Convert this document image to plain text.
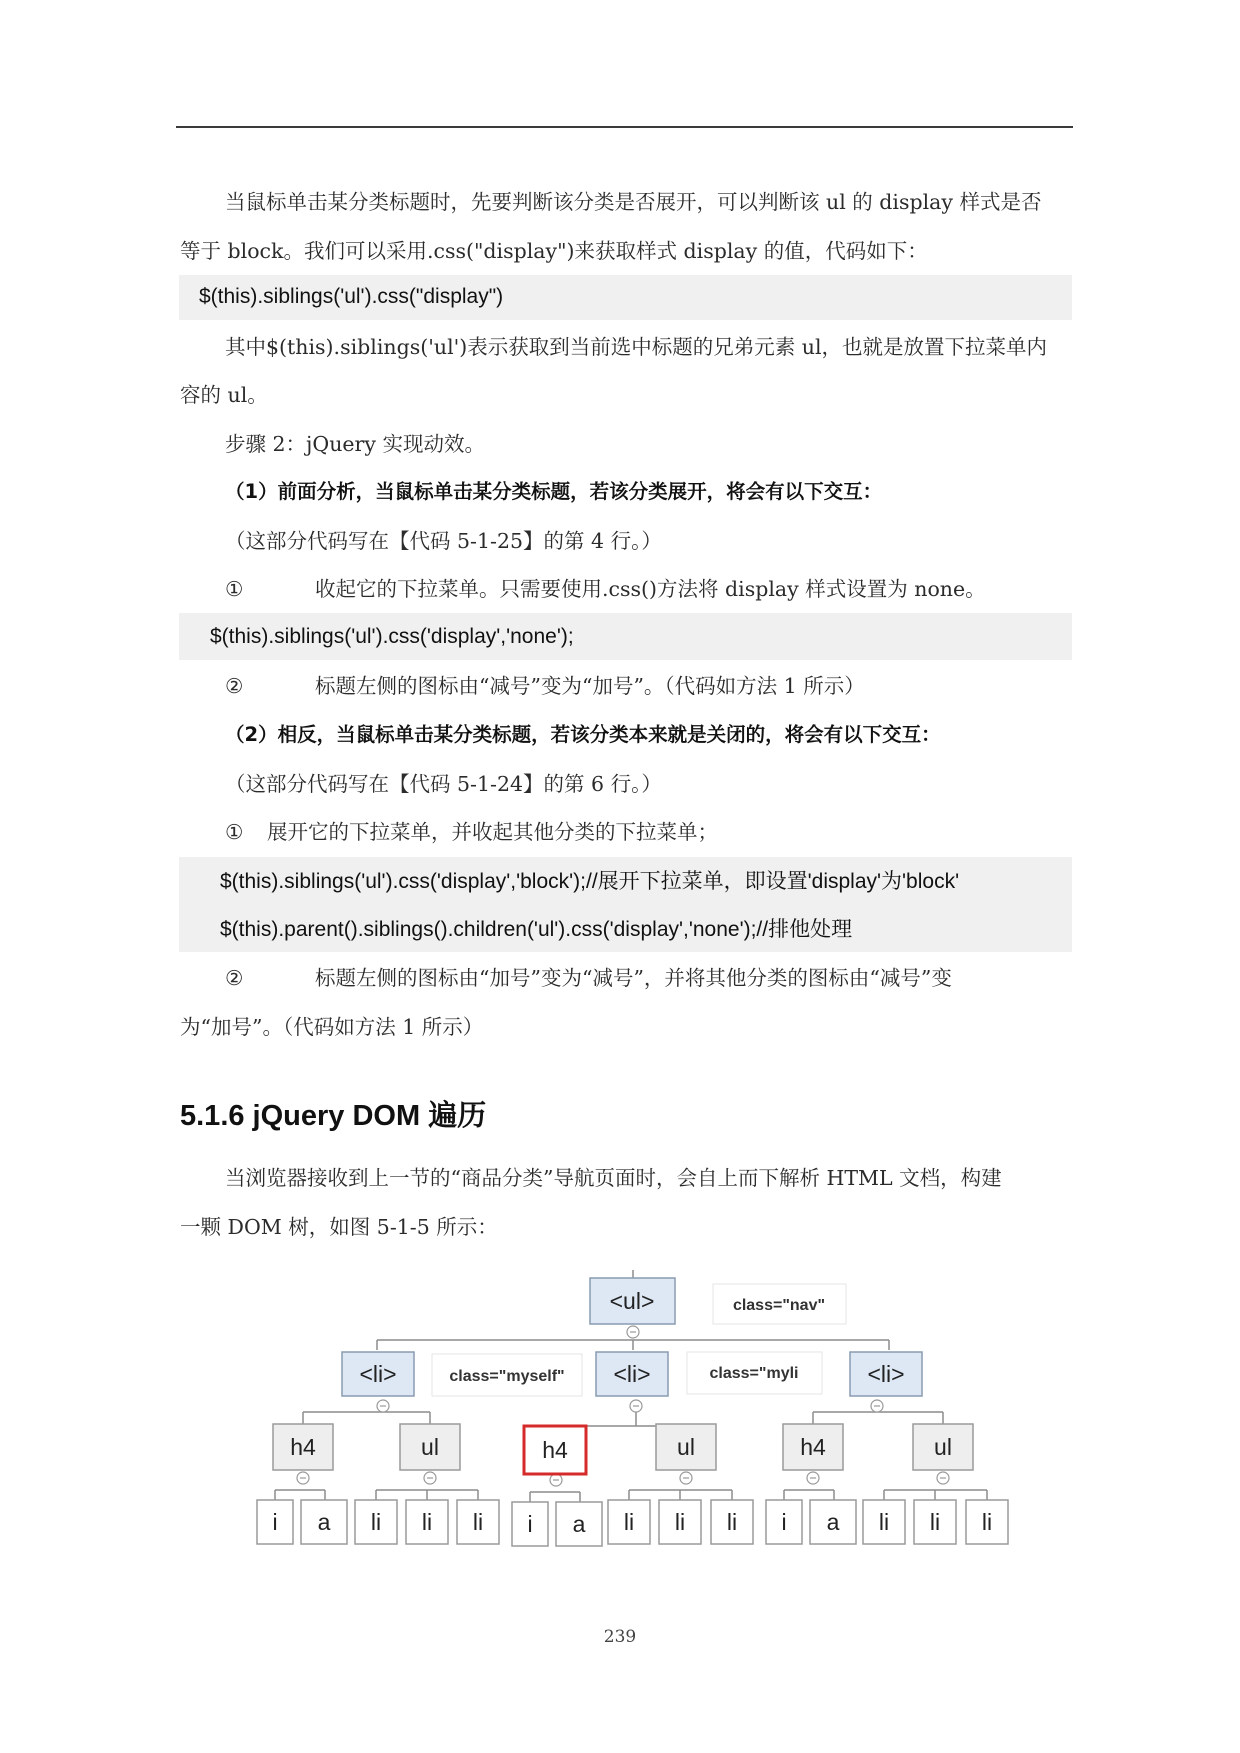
当鼠标单击某分类标题时，先要判断该分类是否展开，可以判断该 ul 的 display 样式是否
等于 block。我们可以采用.css("display")来获取样式 display 的值，代码如下：
$(this).siblings('ul').css("display")
其中$(this).siblings('ul')表示获取到当前选中标题的兄弟元素 ul，也就是放置下拉菜单内
容的 ul。
步骤 2：jQuery 实现动效。
（1）前面分析，当鼠标单击某分类标题，若该分类展开，将会有以下交互：
（这部分代码写在【代码 5-1-25】的第 4 行。）
①	收起它的下拉菜单。只需要使用.css()方法将 display 样式设置为 none。
$(this).siblings('ul').css('display','none');
②	标题左侧的图标由“减号”变为“加号”。（代码如方法 1 所示）
（2）相反，当鼠标单击某分类标题，若该分类本来就是关闭的，将会有以下交互：
（这部分代码写在【代码 5-1-24】的第 6 行。）
① 展开它的下拉菜单，并收起其他分类的下拉菜单；
$(this).siblings('ul').css('display','block');//展开下拉菜单，即设置'display'为'block'
$(this).parent().siblings().children('ul').css('display','none');//排他处理
②	标题左侧的图标由“加号”变为“减号”，并将其他分类的图标由“减号”变
为“加号”。（代码如方法 1 所示）
5.1.6 jQuery DOM 遍历
当浏览器接收到上一节的“商品分类”导航页面时，会自上而下解析 HTML 文档，构建
一颗 DOM 树，如图 5-1-5 所示：
<ul>	class="nav"
<li>	class="myself" <li>	class="myli	<li>
h4	ul	h4	ul	h4	ul
i a li li li i a li li li i a li li li
239
